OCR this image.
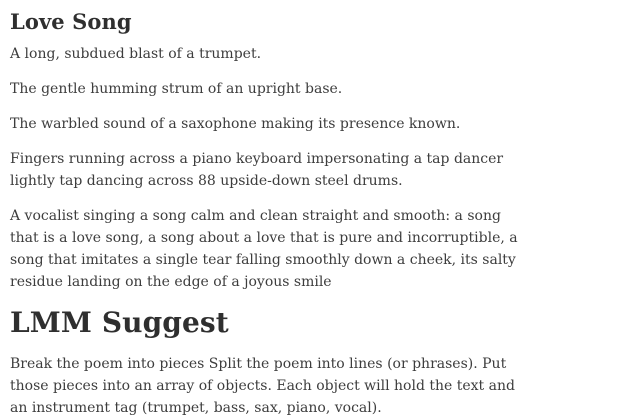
Love Song

A long, subdued blast of a trumpet.

The gentle humming strum of an upright base.

The warbled sound of a saxophone making its presence known.

Fingers running across a piano keyboard impersonating a tap dancer lightly tap dancing across 88 upside-down steel drums.

A vocalist singing a song calm and clean straight and smooth: a song that is a love song, a song about a love that is pure and incorruptible, a song that imitates a single tear falling smoothly down a cheek, its salty residue landing on the edge of a joyous smile

LMM Suggest

Break the poem into pieces Split the poem into lines (or phrases). Put those pieces into an array of objects. Each object will hold the text and an instrument tag (trumpet, bass, sax, piano, vocal).
